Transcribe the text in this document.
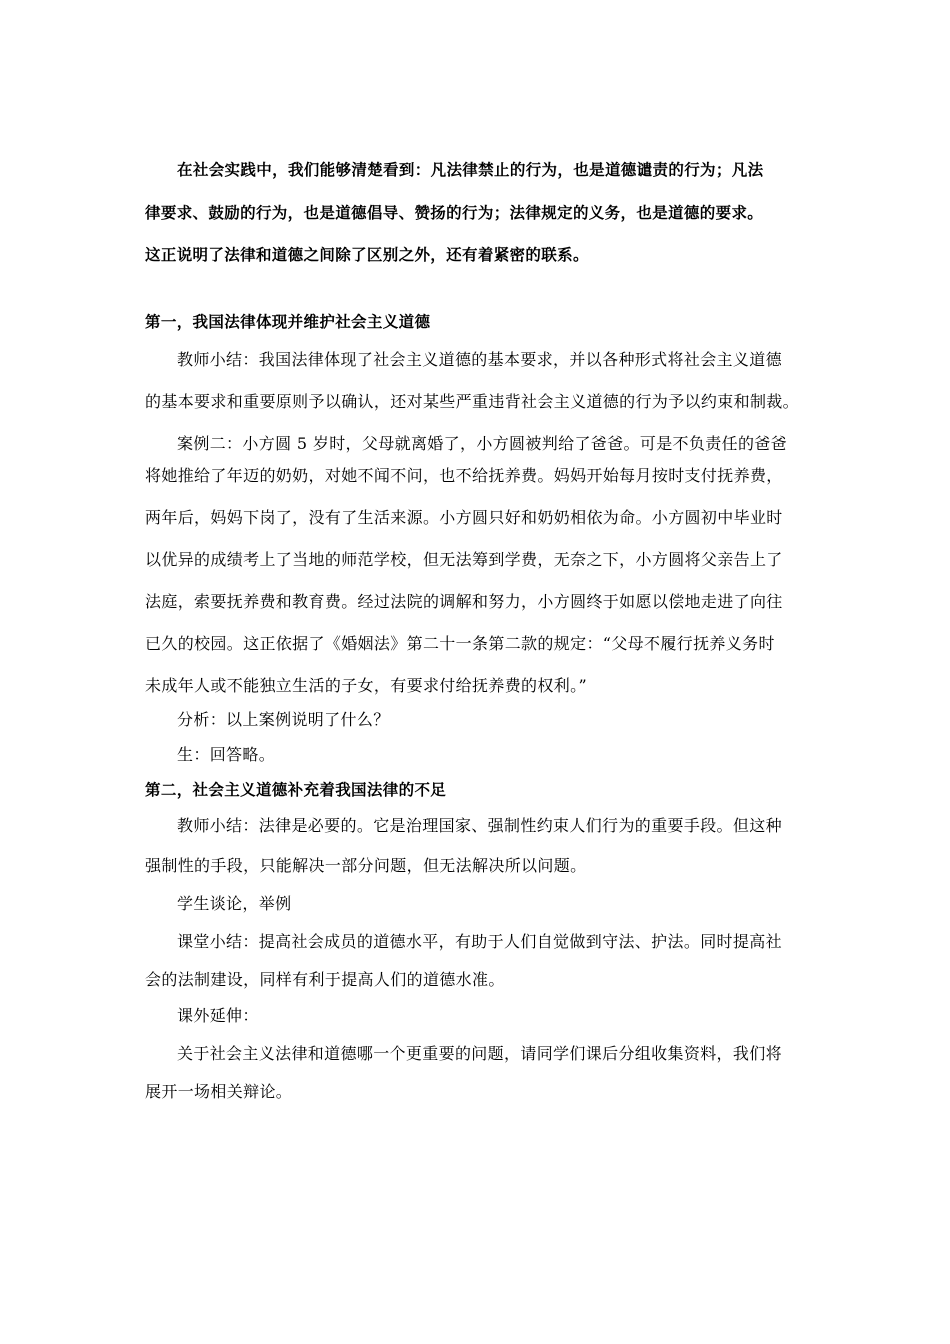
在社会实践中，我们能够清楚看到：凡法律禁止的行为，也是道德谴责的行为；凡法
律要求、鼓励的行为，也是道德倡导、赞扬的行为；法律规定的义务，也是道德的要求。
这正说明了法律和道德之间除了区别之外，还有着紧密的联系。
第一，我国法律体现并维护社会主义道德
教师小结：我国法律体现了社会主义道德的基本要求，并以各种形式将社会主义道德
的基本要求和重要原则予以确认，还对某些严重违背社会主义道德的行为予以约束和制裁。
案例二：小方圆 5 岁时，父母就离婚了，小方圆被判给了爸爸。可是不负责任的爸爸
将她推给了年迈的奶奶，对她不闻不问，也不给抚养费。妈妈开始每月按时支付抚养费，
两年后，妈妈下岗了，没有了生活来源。小方圆只好和奶奶相依为命。小方圆初中毕业时
以优异的成绩考上了当地的师范学校，但无法筹到学费，无奈之下，小方圆将父亲告上了
法庭，索要抚养费和教育费。经过法院的调解和努力，小方圆终于如愿以偿地走进了向往
已久的校园。这正依据了《婚姻法》第二十一条第二款的规定：“父母不履行抚养义务时
未成年人或不能独立生活的子女，有要求付给抚养费的权利。”
分析：以上案例说明了什么？
生：回答略。
第二，社会主义道德补充着我国法律的不足
教师小结：法律是必要的。它是治理国家、强制性约束人们行为的重要手段。但这种
强制性的手段，只能解决一部分问题，但无法解决所以问题。
学生谈论，举例
课堂小结：提高社会成员的道德水平，有助于人们自觉做到守法、护法。同时提高社
会的法制建设，同样有利于提高人们的道德水准。
课外延伸：
关于社会主义法律和道德哪一个更重要的问题，请同学们课后分组收集资料，我们将
展开一场相关辩论。
